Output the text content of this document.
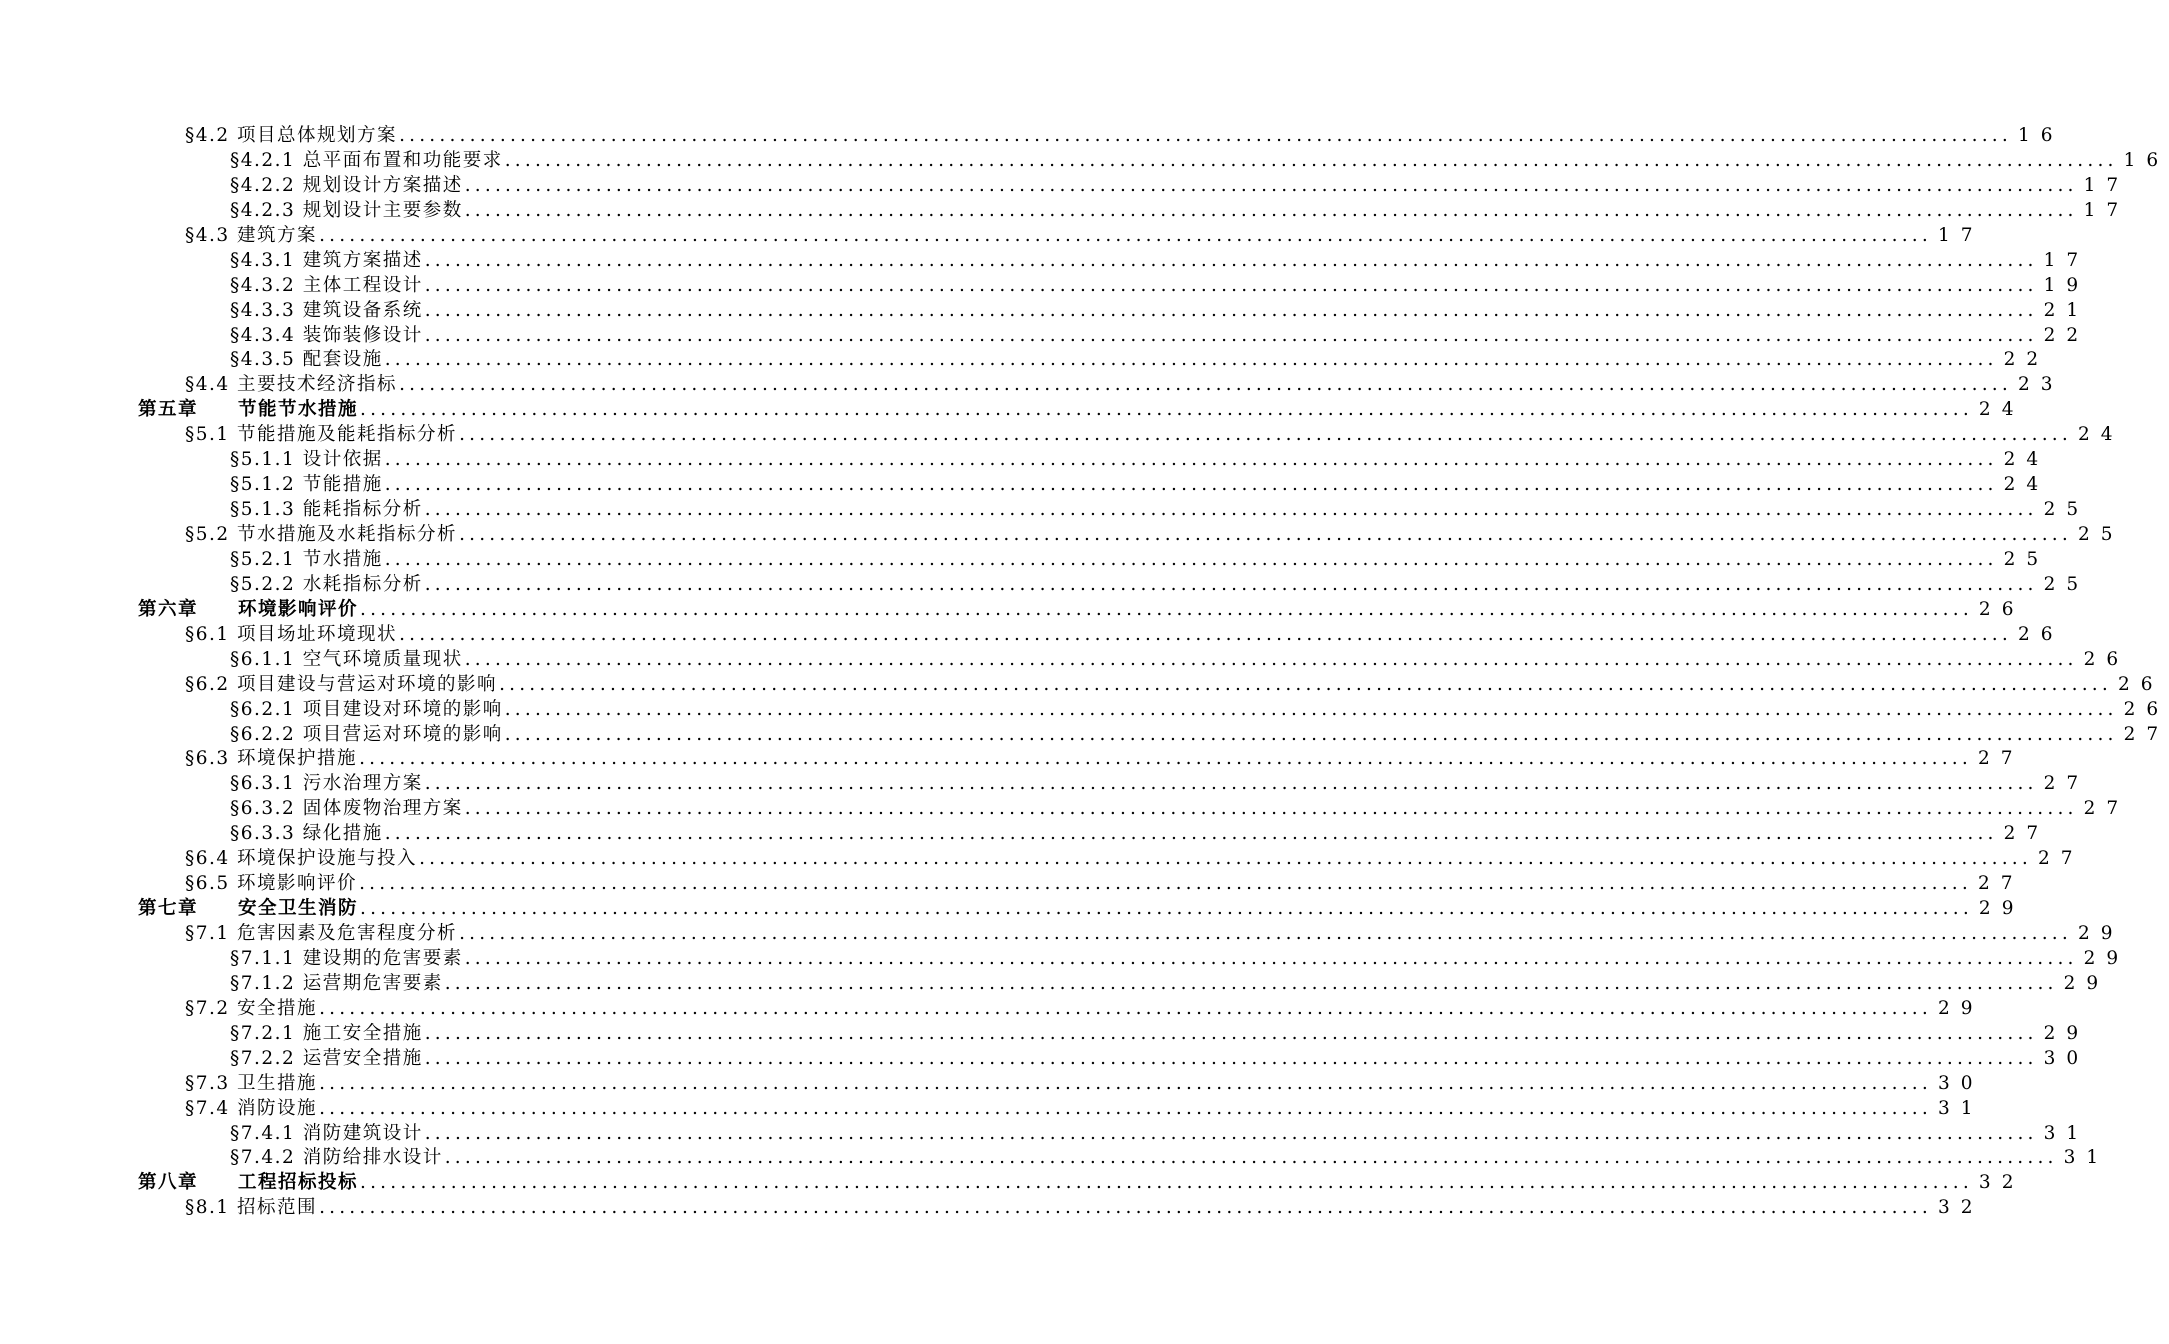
§4.2 项目总体规划方案 .....	16
§4.2.1 总平面布置和功能要求 .....	16
§4.2.2 规划设计方案描述 .....	17
§4.2.3 规划设计主要参数 .....	17
§4.3 建筑方案 .....	17
§4.3.1 建筑方案描述 .....	17
§4.3.2 主体工程设计 .....	19
§4.3.3 建筑设备系统 .....	21
§4.3.4 装饰装修设计 .....	22
§4.3.5 配套设施 .....	22
§4.4 主要技术经济指标 .....	23
第五章 节能节水措施 .....	24
§5.1 节能措施及能耗指标分析 .....	24
§5.1.1 设计依据 .....	24
§5.1.2 节能措施 .....	24
§5.1.3 能耗指标分析 .....	25
§5.2 节水措施及水耗指标分析 .....	25
§5.2.1 节水措施 .....	25
§5.2.2 水耗指标分析 .....	25
第六章 环境影响评价 .....	26
§6.1 项目场址环境现状 .....	26
§6.1.1 空气环境质量现状 .....	26
§6.2 项目建设与营运对环境的影响 .....	26
§6.2.1 项目建设对环境的影响 .....	26
§6.2.2 项目营运对环境的影响 .....	27
§6.3 环境保护措施 .....	27
§6.3.1 污水治理方案 .....	27
§6.3.2 固体废物治理方案 .....	27
§6.3.3 绿化措施 .....	27
§6.4 环境保护设施与投入 .....	27
§6.5 环境影响评价 .....	27
第七章 安全卫生消防 .....	29
§7.1 危害因素及危害程度分析 .....	29
§7.1.1 建设期的危害要素 .....	29
§7.1.2 运营期危害要素 .....	29
§7.2 安全措施 .....	29
§7.2.1 施工安全措施 .....	29
§7.2.2 运营安全措施 .....	30
§7.3 卫生措施 .....	30
§7.4 消防设施 .....	31
§7.4.1 消防建筑设计 .....	31
§7.4.2 消防给排水设计 .....	31
第八章 工程招标投标 .....	32
§8.1 招标范围 .....	32
